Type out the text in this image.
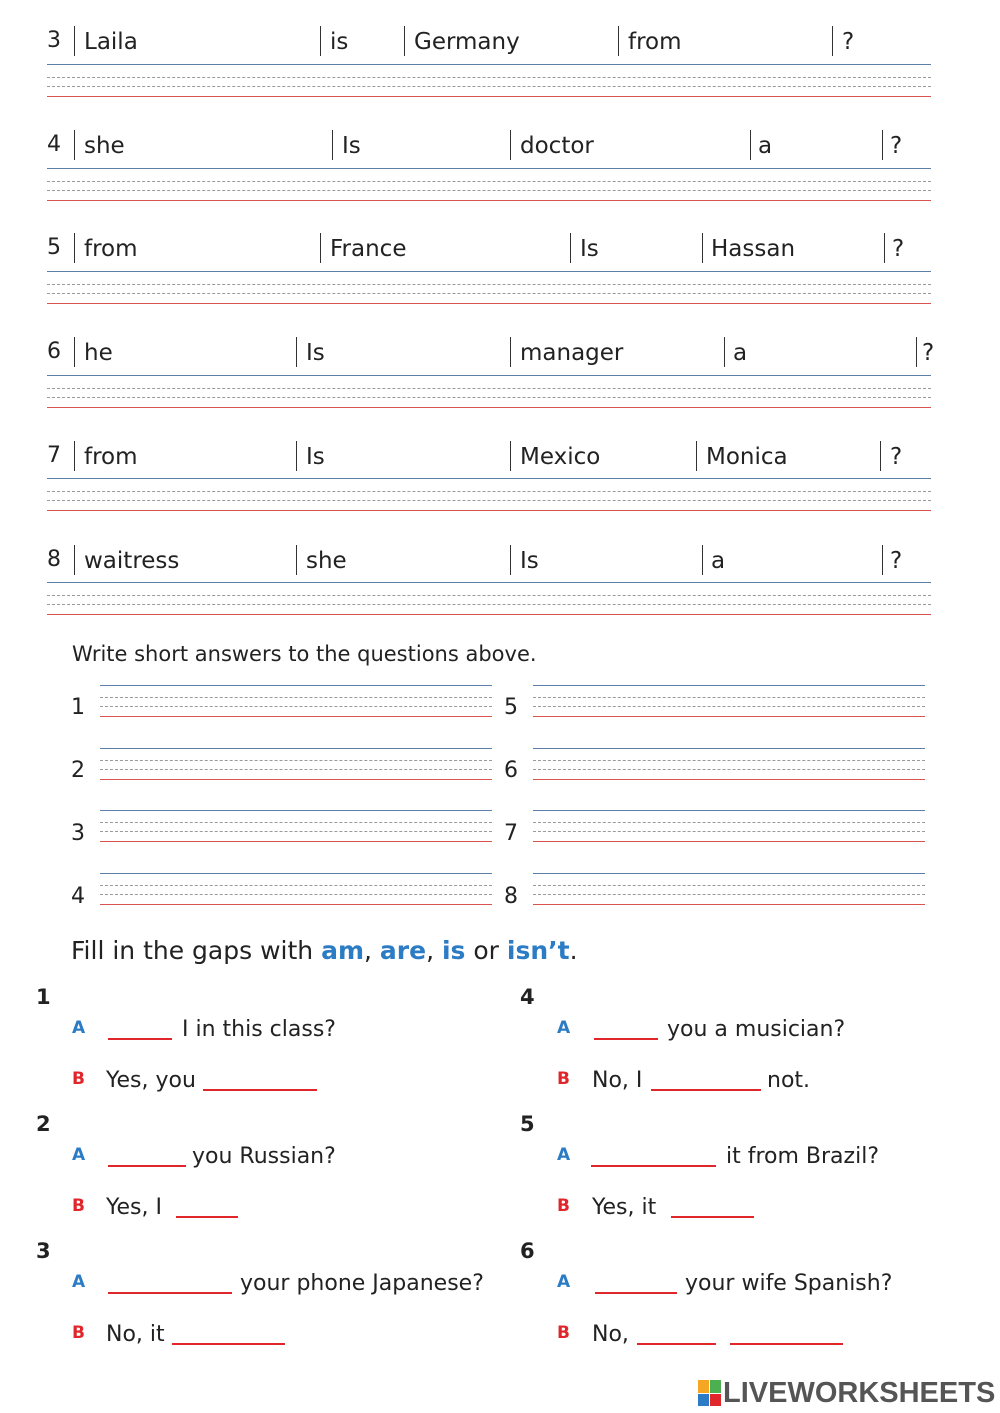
3 Laila	is	Germany	from	?
4 she	Is	doctor	a	?
5 from	France	Is	Hassan	?
6 he	Is	manager	a	?
7 from	Is	Mexico	Monica	?
8 waitress	she	Is	a	?
Write short answers to the questions above.
1
2
3
4
5
6
7
8
Fill in the gaps with am, are, is or isn’t.
1
A	I in this class?
B Yes, you
2
A	you Russian?
B Yes, I
3
A	your phone Japanese?
B No, it
4
A	you a musician?
B No, I	not.
5
A	it from Brazil?
B Yes, it
6
A	your wife Spanish?
B No,
LIVEWORKSHEETS
